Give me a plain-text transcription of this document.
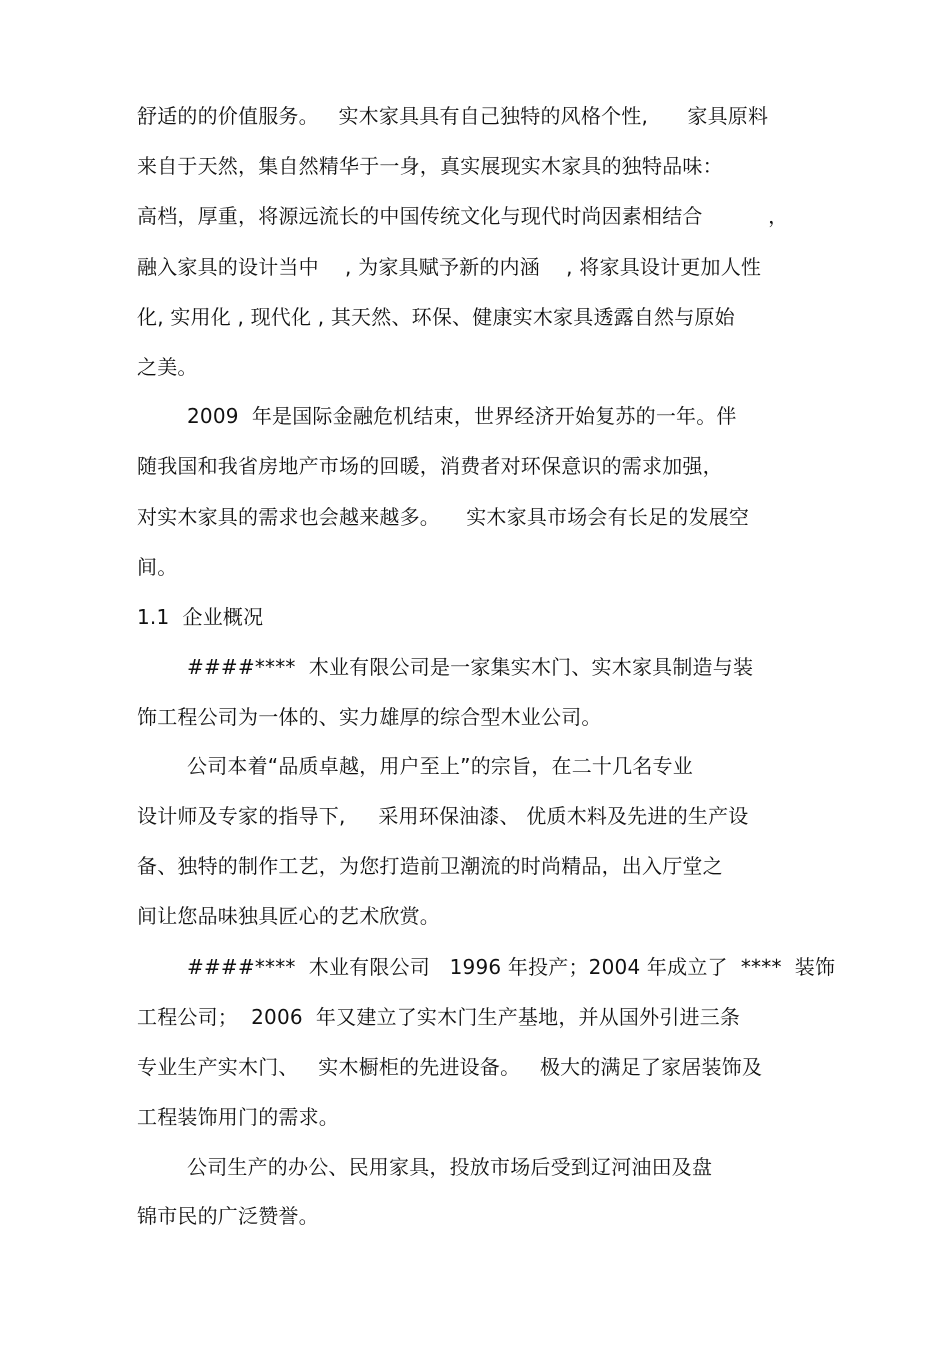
舒适的的价值服务。   实木家具具有自己独特的风格个性,      家具原料
来自于天然，集自然精华于一身，真实展现实木家具的独特品味：
高档，厚重，将源远流长的中国传统文化与现代时尚因素相结合          ，
融入家具的设计当中    , 为家具赋予新的内涵    , 将家具设计更加人性
化, 实用化 , 现代化 , 其天然、环保、健康实木家具透露自然与原始
之美。
2009  年是国际金融危机结束，世界经济开始复苏的一年。伴
随我国和我省房地产市场的回暖，消费者对环保意识的需求加强，
对实木家具的需求也会越来越多。    实木家具市场会有长足的发展空
间。
1.1  企业概况
####****  木业有限公司是一家集实木门、实木家具制造与装
饰工程公司为一体的、实力雄厚的综合型木业公司。
公司本着“品质卓越，用户至上”的宗旨，在二十几名专业
设计师及专家的指导下,     采用环保油漆、 优质木料及先进的生产设
备、独特的制作工艺，为您打造前卫潮流的时尚精品，出入厅堂之
间让您品味独具匠心的艺术欣赏。
####****  木业有限公司   1996 年投产；2004 年成立了  ****  装饰
工程公司；  2006  年又建立了实木门生产基地，并从国外引进三条
专业生产实木门、   实木橱柜的先进设备。   极大的满足了家居装饰及
工程装饰用门的需求。
公司生产的办公、民用家具，投放市场后受到辽河油田及盘
锦市民的广泛赞誉。
